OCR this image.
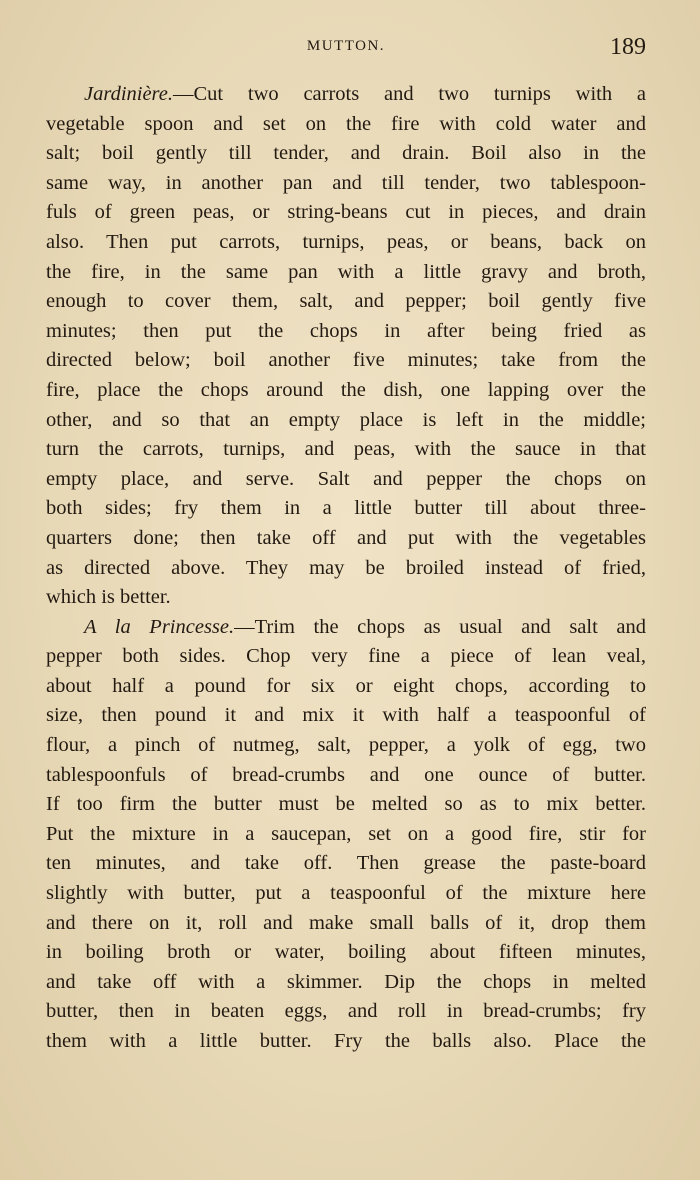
MUTTON.	189
Jardinière.—Cut two carrots and two turnips with a
vegetable spoon and set on the fire with cold water and
salt; boil gently till tender, and drain. Boil also in the
same way, in another pan and till tender, two tablespoon-
fuls of green peas, or string-beans cut in pieces, and drain
also. Then put carrots, turnips, peas, or beans, back on
the fire, in the same pan with a little gravy and broth,
enough to cover them, salt, and pepper; boil gently five
minutes; then put the chops in after being fried as
directed below; boil another five minutes; take from the
fire, place the chops around the dish, one lapping over the
other, and so that an empty place is left in the middle;
turn the carrots, turnips, and peas, with the sauce in that
empty place, and serve. Salt and pepper the chops on
both sides; fry them in a little butter till about three-
quarters done; then take off and put with the vegetables
as directed above. They may be broiled instead of fried,
which is better.
A la Princesse.—Trim the chops as usual and salt and
pepper both sides. Chop very fine a piece of lean veal,
about half a pound for six or eight chops, according to
size, then pound it and mix it with half a teaspoonful of
flour, a pinch of nutmeg, salt, pepper, a yolk of egg, two
tablespoonfuls of bread-crumbs and one ounce of butter.
If too firm the butter must be melted so as to mix better.
Put the mixture in a saucepan, set on a good fire, stir for
ten minutes, and take off. Then grease the paste-board
slightly with butter, put a teaspoonful of the mixture here
and there on it, roll and make small balls of it, drop them
in boiling broth or water, boiling about fifteen minutes,
and take off with a skimmer. Dip the chops in melted
butter, then in beaten eggs, and roll in bread-crumbs; fry
them with a little butter. Fry the balls also. Place the
